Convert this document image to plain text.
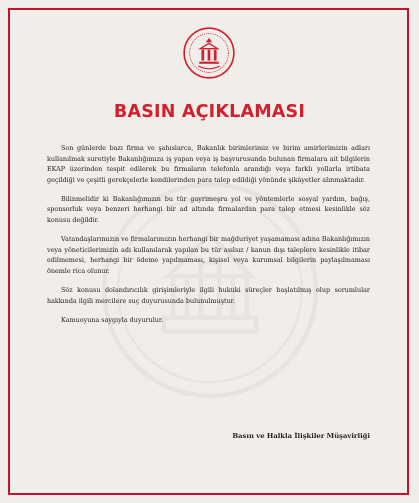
BASIN AÇIKLAMASI

Son günlerde bazı firma ve şahıslarca, Bakanlık birimlerimiz ve birim amirlerimizin adları kullanılmak suretiyle Bakanlığımıza iş yapan veya iş başvurusunda bulunan firmalara ait bilgilerin EKAP üzerinden tespit edilerek bu firmaların telefonla arandığı veya farklı yollarla irtibata geçildiği ve çeşitli gerekçelerle kendilerinden para talep edildiği yönünde şikâyetler alınmaktadır.

Bilinmelidir ki Bakanlığımızın bu tür gayrimeşru yol ve yöntemlerle sosyal yardım, bağış, sponsorluk veya benzeri herhangi bir ad altında firmalardan para talep etmesi kesinlikle söz konusu değildir.

Vatandaşlarımızın ve firmalarımızın herhangi bir mağduriyet yaşamaması adına Bakanlığımızın veya yöneticilerimizin adı kullanılarak yapılan bu tür asılsız / kanun dışı taleplere kesinlikle itibar edilmemesi, herhangi bir ödeme yapılmaması, kişisel veya kurumsal bilgilerin paylaşılmaması önemle rica olunur.

Söz konusu dolandırıcılık girişimleriyle ilgili hukuki süreçler başlatılmış olup sorumlular hakkında ilgili mercilere suç duyurusunda bulunulmuştur.

Kamuoyuna saygıyla duyurulur.

Basın ve Halkla İlişkiler Müşavirliği
